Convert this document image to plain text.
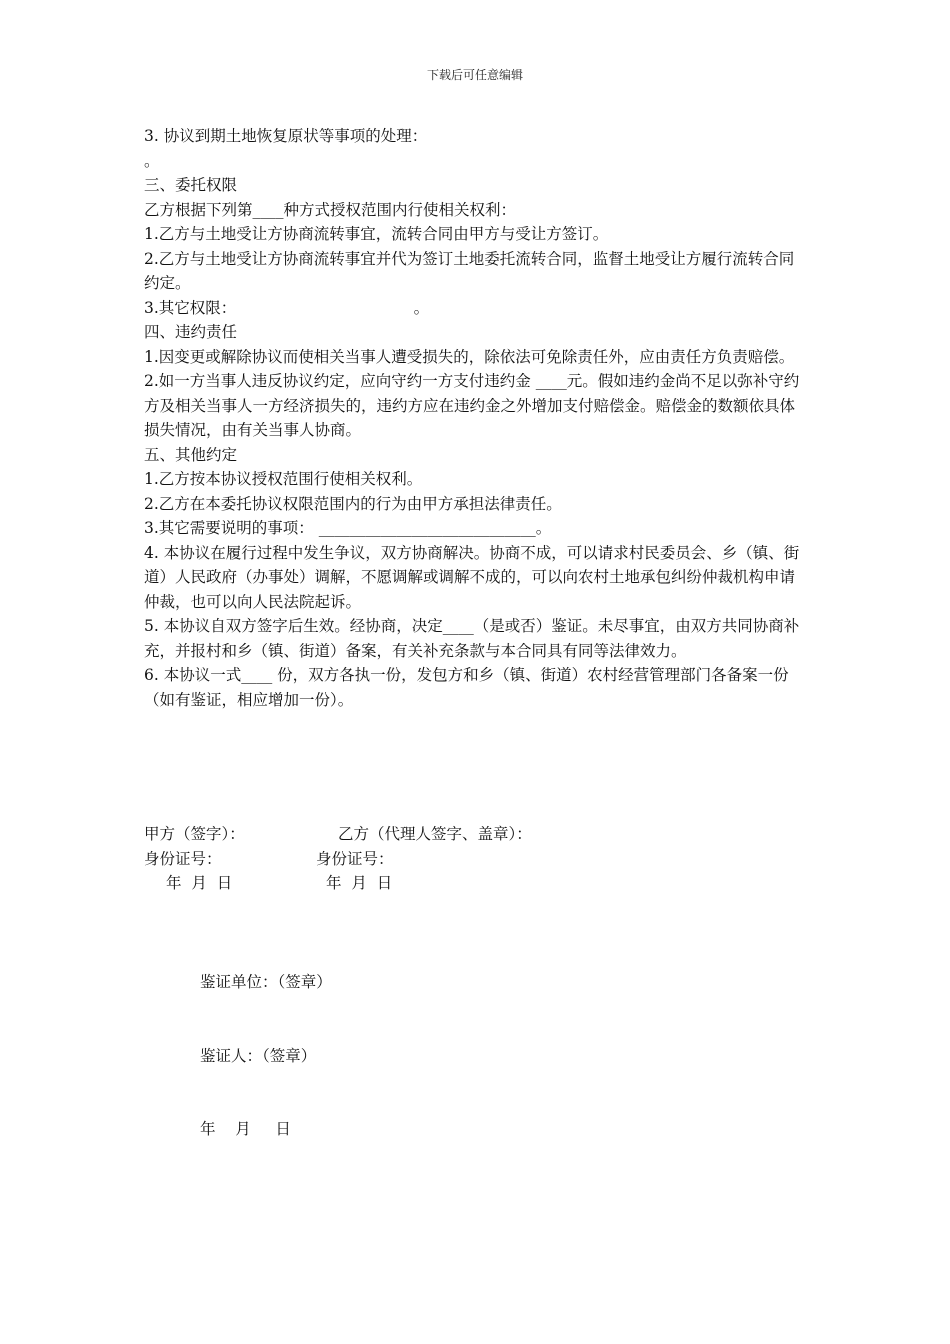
下载后可任意编辑

3. 协议到期土地恢复原状等事项的处理：

。

三、委托权限

乙方根据下列第____种方式授权范围内行使相关权利：

1.乙方与土地受让方协商流转事宜，流转合同由甲方与受让方签订。

2.乙方与土地受让方协商流转事宜并代为签订土地委托流转合同，监督土地受让方履行流转合同约定。

3.其它权限：                                    。

四、违约责任

1.因变更或解除协议而使相关当事人遭受损失的，除依法可免除责任外，应由责任方负责赔偿。

2.如一方当事人违反协议约定，应向守约一方支付违约金 ____元。假如违约金尚不足以弥补守约方及相关当事人一方经济损失的，违约方应在违约金之外增加支付赔偿金。赔偿金的数额依具体损失情况，由有关当事人协商。

五、其他约定

1.乙方按本协议授权范围行使相关权利。

2.乙方在本委托协议权限范围内的行为由甲方承担法律责任。

3.其它需要说明的事项： ____________________________。

4. 本协议在履行过程中发生争议，双方协商解决。协商不成，可以请求村民委员会、乡（镇、街道）人民政府（办事处）调解，不愿调解或调解不成的，可以向农村土地承包纠纷仲裁机构申请仲裁，也可以向人民法院起诉。

5. 本协议自双方签字后生效。经协商，决定____（是或否）鉴证。未尽事宜，由双方共同协商补充，并报村和乡（镇、街道）备案，有关补充条款与本合同具有同等法律效力。

6. 本协议一式____ 份，双方各执一份，发包方和乡（镇、街道）农村经营管理部门各备案一份（如有鉴证，相应增加一份）。

甲方（签字）：	乙方（代理人签字、盖章）：
身份证号：	身份证号：
年  月  日	年  月  日

鉴证单位：（签章）

鉴证人：（签章）

年    月     日
